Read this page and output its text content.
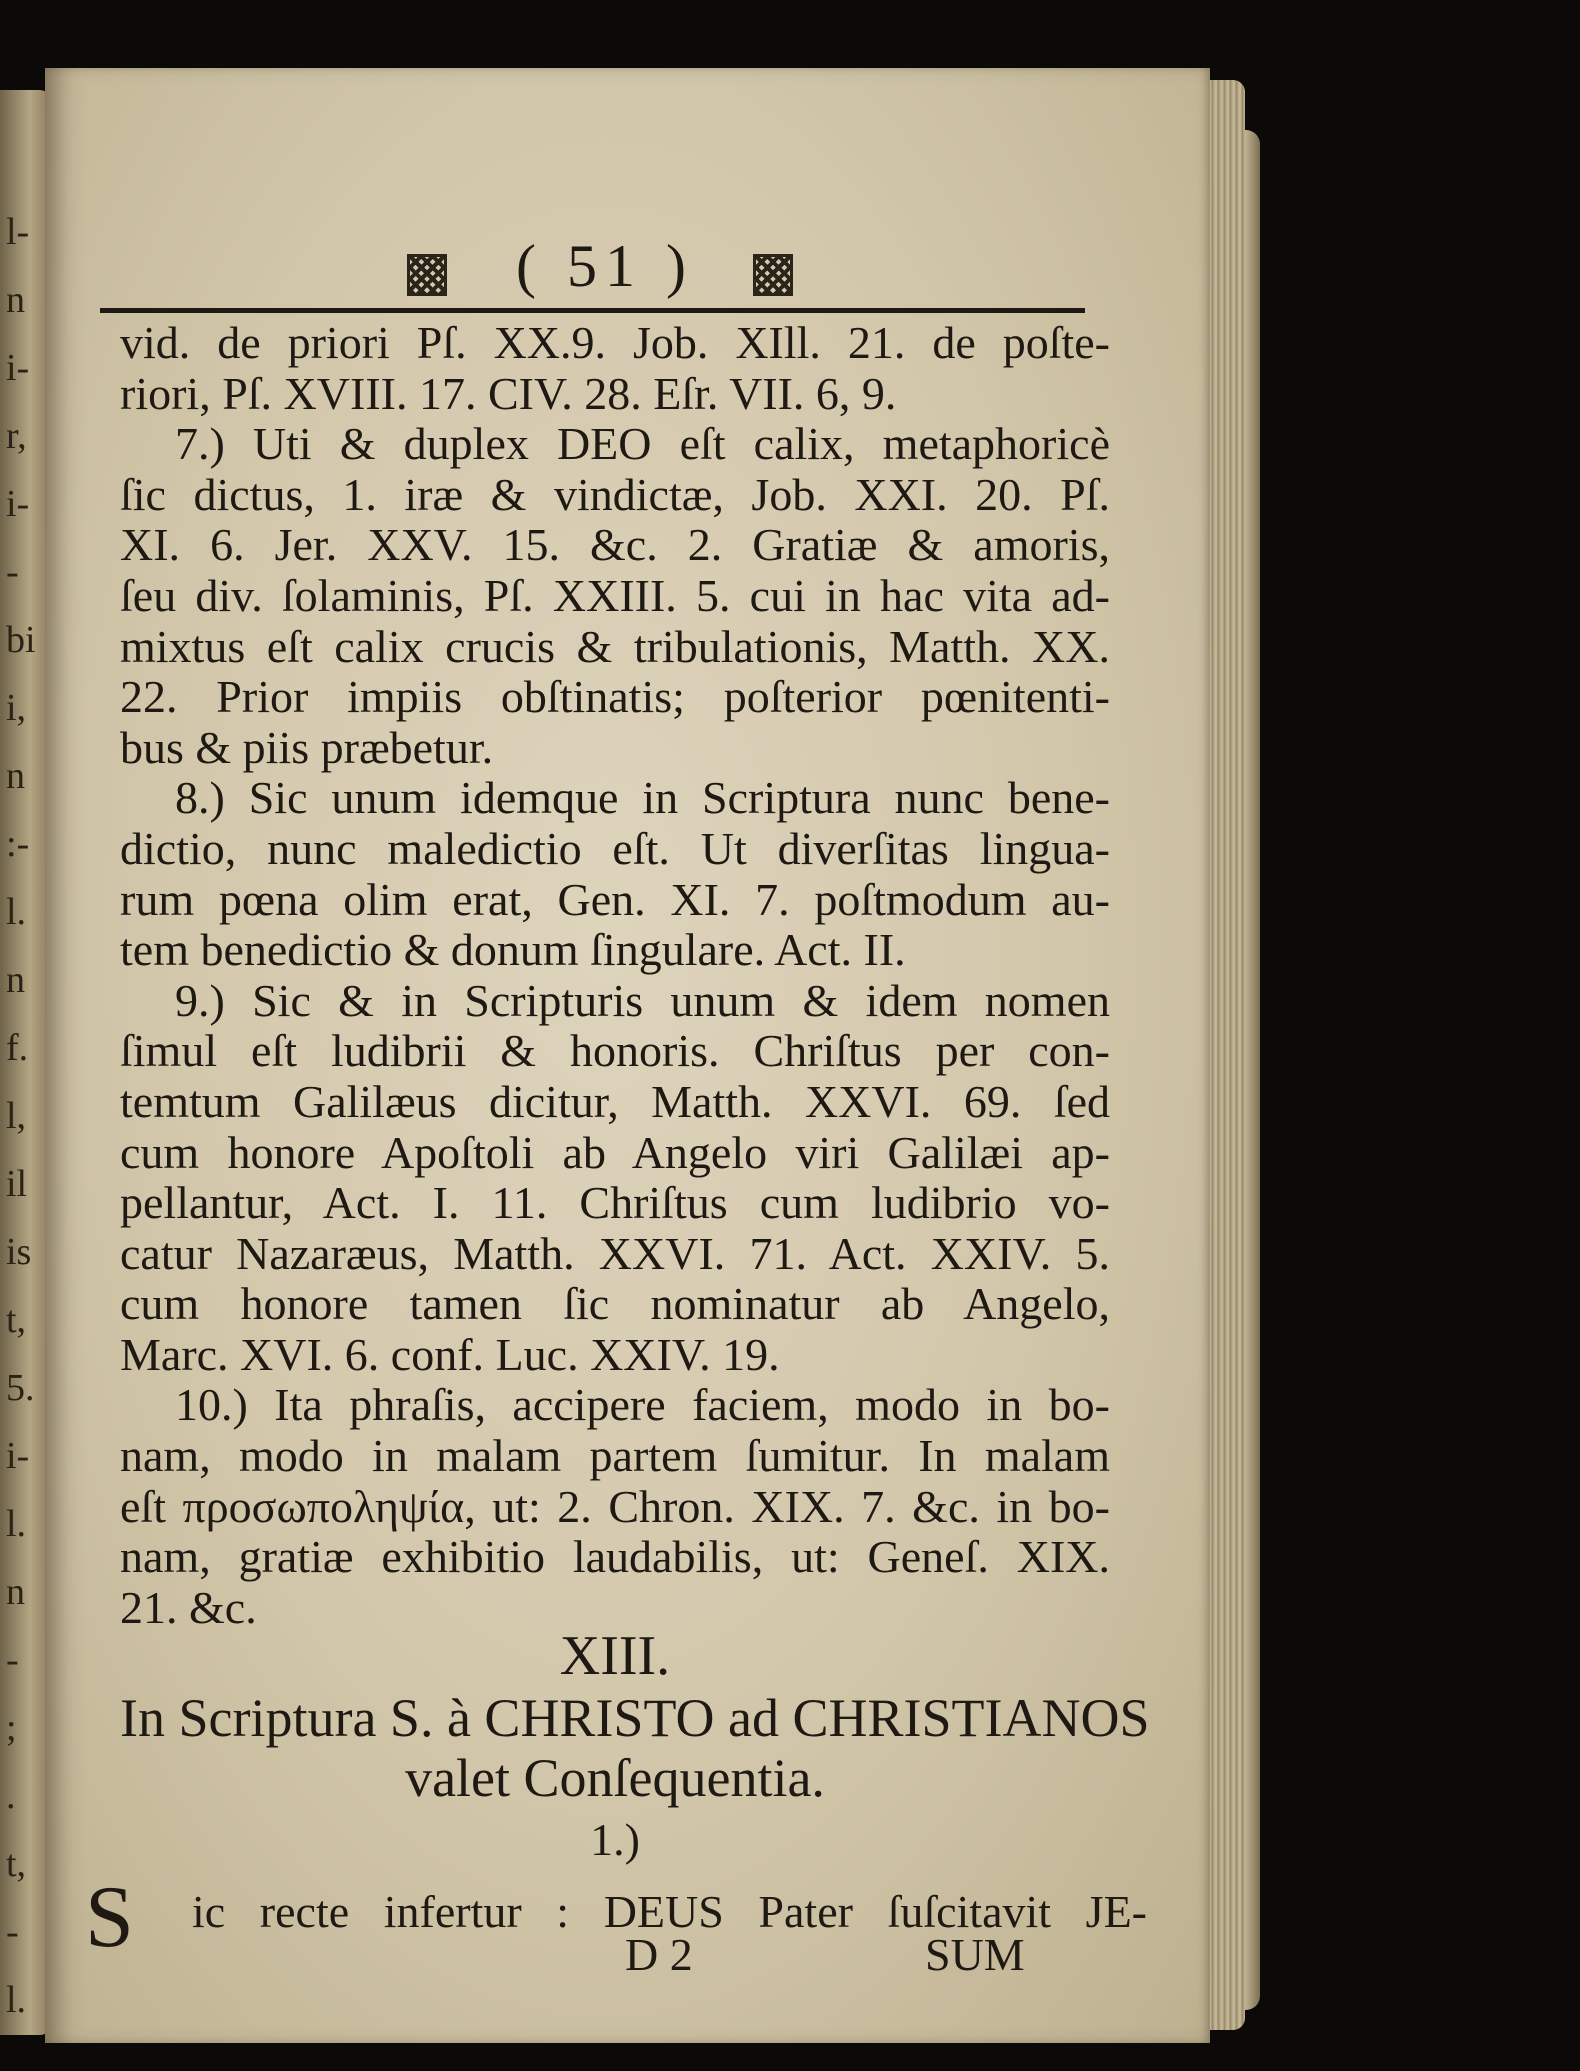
l-
n
i-
r,
i-
-
bi
i,
n
:-
l.
n
f.
l,
il
is
t,
5.
i-
l.
n
-
;
.
t,
-
l.
( 51 )
vid. de priori Pſ. XX.9. Job. XIll. 21. de poſte-
riori, Pſ. XVIII. 17. CIV. 28. Eſr. VII. 6, 9.
7.) Uti & duplex DEO eſt calix, metaphoricè
ſic dictus, 1. iræ & vindictæ, Job. XXI. 20. Pſ.
XI. 6. Jer. XXV. 15. &c. 2. Gratiæ & amoris,
ſeu div. ſolaminis, Pſ. XXIII. 5. cui in hac vita ad-
mixtus eſt calix crucis & tribulationis, Matth. XX.
22. Prior impiis obſtinatis; poſterior pœnitenti-
bus & piis præbetur.
8.) Sic unum idemque in Scriptura nunc bene-
dictio, nunc maledictio eſt. Ut diverſitas lingua-
rum pœna olim erat, Gen. XI. 7. poſtmodum au-
tem benedictio & donum ſingulare. Act. II.
9.) Sic & in Scripturis unum & idem nomen
ſimul eſt ludibrii & honoris. Chriſtus per con-
temtum Galilæus dicitur, Matth. XXVI. 69. ſed
cum honore Apoſtoli ab Angelo viri Galilæi ap-
pellantur, Act. I. 11. Chriſtus cum ludibrio vo-
catur Nazaræus, Matth. XXVI. 71. Act. XXIV. 5.
cum honore tamen ſic nominatur ab Angelo,
Marc. XVI. 6. conf. Luc. XXIV. 19.
10.) Ita phraſis, accipere faciem, modo in bo-
nam, modo in malam partem ſumitur. In malam
eſt προσωποληψία, ut: 2. Chron. XIX. 7. &c. in bo-
nam, gratiæ exhibitio laudabilis, ut: Geneſ. XIX.
21. &c.
XIII.
In Scriptura S. à CHRISTO ad CHRISTIANOS
valet Conſequentia.
1.)
S ic recte infertur : DEUS Pater ſuſcitavit JE-
D 2	SUM
